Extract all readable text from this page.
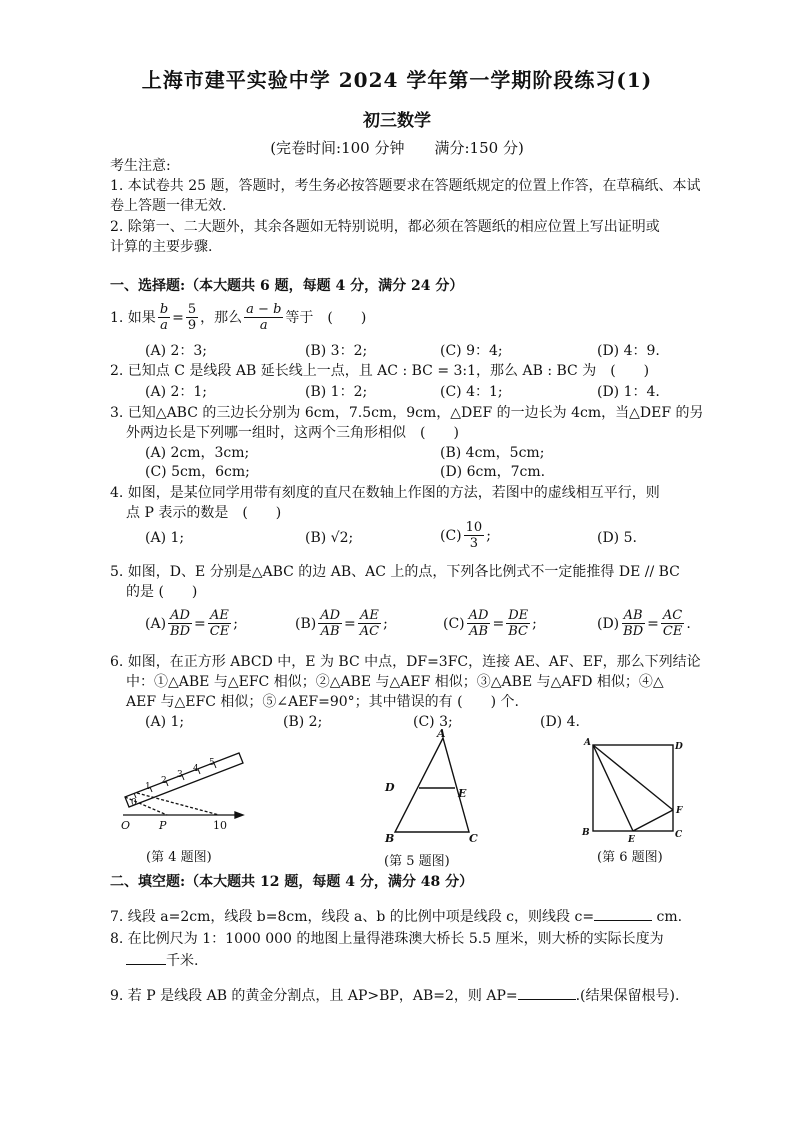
上海市建平实验中学 2024 学年第一学期阶段练习(1)
初三数学
(完卷时间:100 分钟　　满分:150 分)
考生注意:
1. 本试卷共 25 题，答题时，考生务必按答题要求在答题纸规定的位置上作答，在草稿纸、本试
卷上答题一律无效.
2. 除第一、二大题外，其余各题如无特别说明，都必须在答题纸的相应位置上写出证明或
计算的主要步骤.
一、选择题:（本大题共 6 题，每题 4 分，满分 24 分）
1. 如果 $\frac{b}{a} = \frac{5}{9}$ ，那么 $\frac{a - b}{a}$ 等于　(　　)
(A) 2：3;	(B) 3：2;	(C) 9：4;	(D) 4：9.
2. 已知点 C 是线段 AB 延长线上一点，且 AC : BC = 3:1，那么 AB : BC 为　(　　)
(A) 2：1;	(B) 1：2;	(C) 4：1;	(D) 1：4.
3. 已知△ABC 的三边长分别为 6cm，7.5cm，9cm，△DEF 的一边长为 4cm，当△DEF 的另
外两边长是下列哪一组时，这两个三角形相似　(　　)
(A) 2cm，3cm;	(B) 4cm，5cm;
(C) 5cm，6cm;	(D) 6cm，7cm.
4. 如图，是某位同学用带有刻度的直尺在数轴上作图的方法，若图中的虚线相互平行，则
点 P 表示的数是　(　　)
(A) 1;	(B) √2;	$(C) \frac{10}{3}$ ;	(D) 5.
5. 如图，D、E 分别是△ABC 的边 AB、AC 上的点，下列各比例式不一定能推得 DE // BC
的是 (　　)
$(A) \frac{AD}{BD} = \frac{AE}{CE}$ ;	$(B) \frac{AD}{AB} = \frac{AE}{AC}$ ;	$(C) \frac{AD}{AB} = \frac{DE}{BC}$ ;	$(D) \frac{AB}{BD} = \frac{AC}{CE}$ .
6. 如图，在正方形 ABCD 中，E 为 BC 中点，DF=3FC，连接 AE、AF、EF，那么下列结论
中：①△ABE 与△EFC 相似；②△ABE 与△AEF 相似；③△ABE 与△AFD 相似；④△
AEF 与△EFC 相似；⑤∠AEF=90°；其中错误的有 (　　) 个.
(A) 1;	(B) 2;	(C) 3;	(D) 4.
0
1
2
3
4
5
O	P	10
(第 4 题图)
A
B	C
D	E
(第 5 题图)
A	D
B	C
E
F
(第 6 题图)
二、填空题:（本大题共 12 题，每题 4 分，满分 48 分）
7. 线段 a=2cm，线段 b=8cm，线段 a、b 的比例中项是线段 c，则线段 c=	cm.
8. 在比例尺为 1：1000 000 的地图上量得港珠澳大桥长 5.5 厘米，则大桥的实际长度为
千米.
9. 若 P 是线段 AB 的黄金分割点，且 AP>BP，AB=2，则 AP=	.(结果保留根号).
